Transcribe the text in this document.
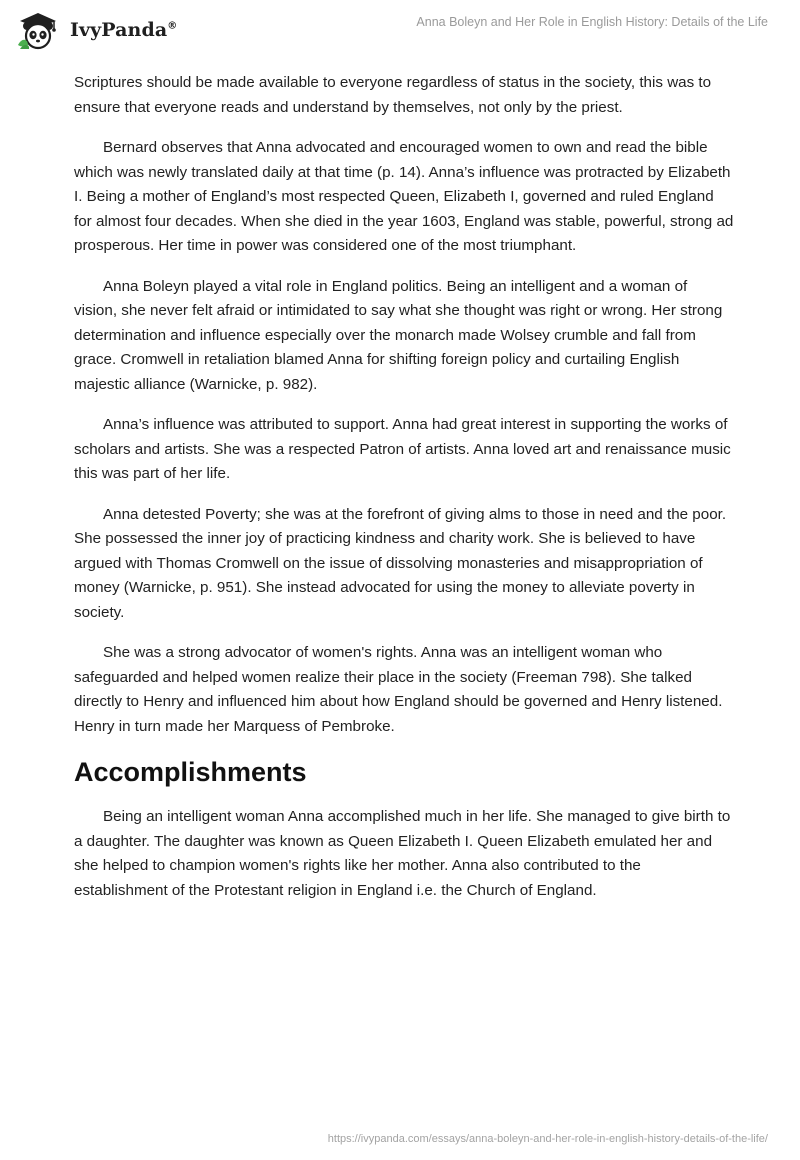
IvyPanda®	Anna Boleyn and Her Role in English History: Details of the Life

Scriptures should be made available to everyone regardless of status in the society, this was to ensure that everyone reads and understand by themselves, not only by the priest.

Bernard observes that Anna advocated and encouraged women to own and read the bible which was newly translated daily at that time (p. 14). Anna’s influence was protracted by Elizabeth I. Being a mother of England’s most respected Queen, Elizabeth I, governed and ruled England for almost four decades. When she died in the year 1603, England was stable, powerful, strong ad prosperous. Her time in power was considered one of the most triumphant.

Anna Boleyn played a vital role in England politics. Being an intelligent and a woman of vision, she never felt afraid or intimidated to say what she thought was right or wrong. Her strong determination and influence especially over the monarch made Wolsey crumble and fall from grace. Cromwell in retaliation blamed Anna for shifting foreign policy and curtailing English majestic alliance (Warnicke, p. 982).

Anna’s influence was attributed to support. Anna had great interest in supporting the works of scholars and artists. She was a respected Patron of artists. Anna loved art and renaissance music this was part of her life.

Anna detested Poverty; she was at the forefront of giving alms to those in need and the poor. She possessed the inner joy of practicing kindness and charity work. She is believed to have argued with Thomas Cromwell on the issue of dissolving monasteries and misappropriation of money (Warnicke, p. 951). She instead advocated for using the money to alleviate poverty in society.

She was a strong advocator of women's rights. Anna was an intelligent woman who safeguarded and helped women realize their place in the society (Freeman 798). She talked directly to Henry and influenced him about how England should be governed and Henry listened. Henry in turn made her Marquess of Pembroke.

Accomplishments

Being an intelligent woman Anna accomplished much in her life. She managed to give birth to a daughter. The daughter was known as Queen Elizabeth I. Queen Elizabeth emulated her and she helped to champion women's rights like her mother. Anna also contributed to the establishment of the Protestant religion in England i.e. the Church of England.

https://ivypanda.com/essays/anna-boleyn-and-her-role-in-english-history-details-of-the-life/
